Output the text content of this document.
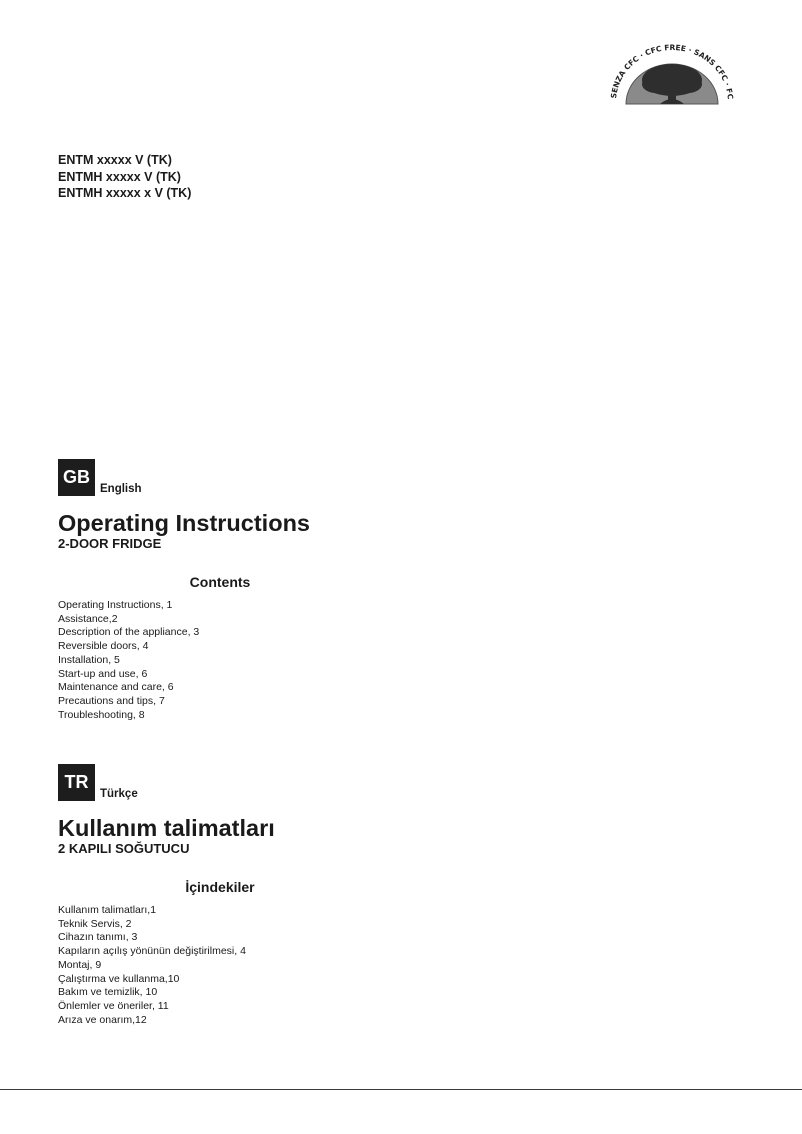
SENZA CFC · CFC FREE · SANS CFC · FC
ENTM xxxxx V (TK)
ENTMH xxxxx V (TK)
ENTMH xxxxx x V (TK)
GB
English
Operating Instructions
2-DOOR FRIDGE
Contents
Operating Instructions, 1
Assistance,2
Description of the appliance, 3
Reversible doors, 4
Installation, 5
Start-up and use, 6
Maintenance and care, 6
Precautions and tips, 7
Troubleshooting, 8
TR
Türkçe
Kullanım talimatları
2 KAPILI SOĞUTUCU
İçindekiler
Kullanım talimatları,1
Teknik Servis, 2
Cihazın tanımı, 3
Kapıların açılış yönünün değiştirilmesi, 4
Montaj, 9
Çalıştırma ve kullanma,10
Bakım ve temizlik, 10
Önlemler ve öneriler, 11
Arıza ve onarım,12
